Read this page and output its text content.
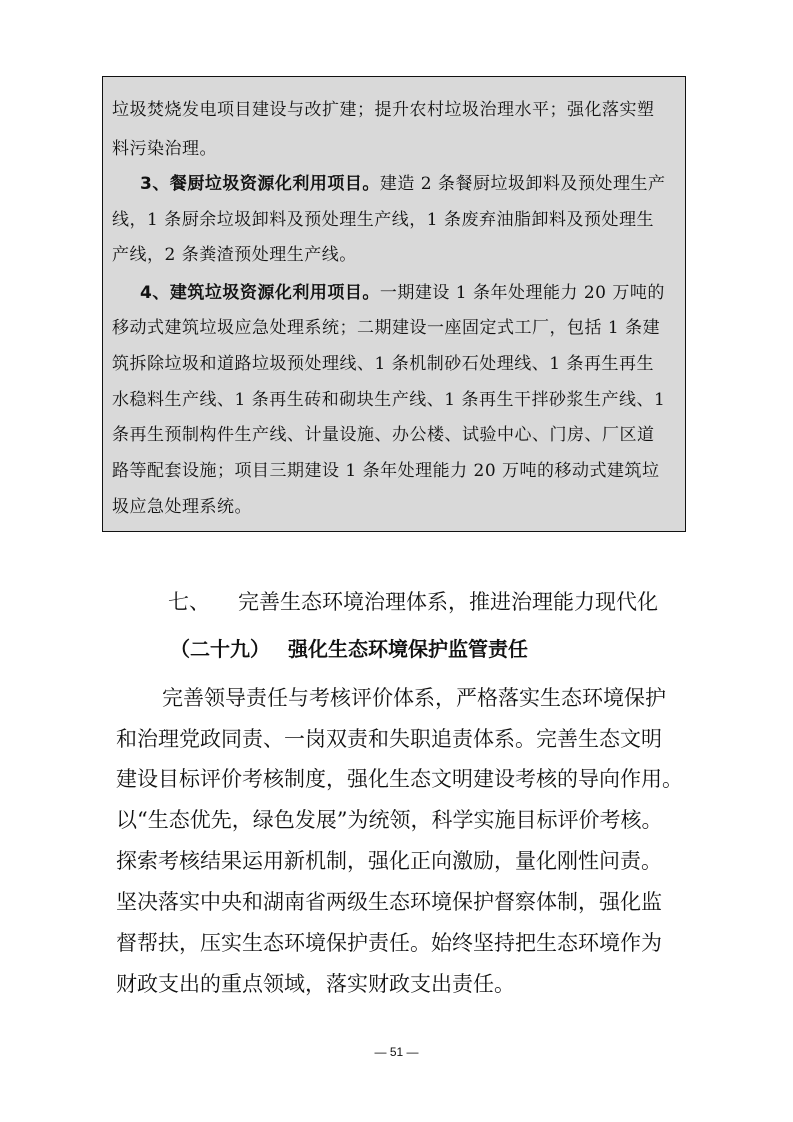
垃圾焚烧发电项目建设与改扩建；提升农村垃圾治理水平；强化落实塑
料污染治理。
3、餐厨垃圾资源化利用项目。建造 2 条餐厨垃圾卸料及预处理生产
线，1 条厨余垃圾卸料及预处理生产线，1 条废弃油脂卸料及预处理生
产线，2 条粪渣预处理生产线。
4、建筑垃圾资源化利用项目。一期建设 1 条年处理能力 20 万吨的
移动式建筑垃圾应急处理系统；二期建设一座固定式工厂，包括 1 条建
筑拆除垃圾和道路垃圾预处理线、1 条机制砂石处理线、1 条再生再生
水稳料生产线、1 条再生砖和砌块生产线、1 条再生干拌砂浆生产线、1
条再生预制构件生产线、计量设施、办公楼、试验中心、门房、厂区道
路等配套设施；项目三期建设 1 条年处理能力 20 万吨的移动式建筑垃
圾应急处理系统。
七、 完善生态环境治理体系，推进治理能力现代化
（二十九） 强化生态环境保护监管责任
完善领导责任与考核评价体系，严格落实生态环境保护
和治理党政同责、一岗双责和失职追责体系。完善生态文明
建设目标评价考核制度，强化生态文明建设考核的导向作用。
以“生态优先，绿色发展”为统领，科学实施目标评价考核。
探索考核结果运用新机制，强化正向激励，量化刚性问责。
坚决落实中央和湖南省两级生态环境保护督察体制，强化监
督帮扶，压实生态环境保护责任。始终坚持把生态环境作为
财政支出的重点领域，落实财政支出责任。
— 51 —
